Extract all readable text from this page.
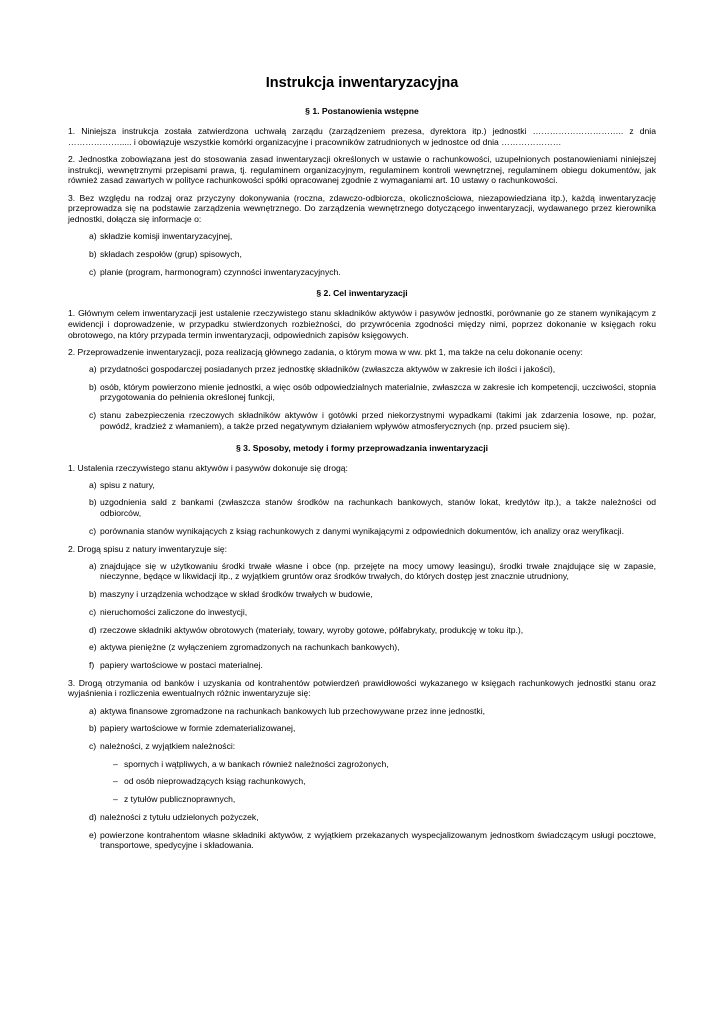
Instrukcja inwentaryzacyjna
§ 1. Postanowienia wstępne

1. Niniejsza instrukcja została zatwierdzona uchwałą zarządu (zarządzeniem prezesa, dyrektora itp.) jednostki ………………………….. z dnia ………………..... i obowiązuje wszystkie komórki organizacyjne i pracowników zatrudnionych w jednostce od dnia …………………

2. Jednostka zobowiązana jest do stosowania zasad inwentaryzacji określonych w ustawie o rachunkowości, uzupełnionych postanowieniami niniejszej instrukcji, wewnętrznymi przepisami prawa, tj. regulaminem organizacyjnym, regulaminem kontroli wewnętrznej, regulaminem obiegu dokumentów, jak również zasad zawartych w polityce rachunkowości spółki opracowanej zgodnie z wymaganiami art. 10 ustawy o rachunkowości.

3. Bez względu na rodzaj oraz przyczyny dokonywania (roczna, zdawczo-odbiorcza, okolicznościowa, niezapowiedziana itp.), każdą inwentaryzację przeprowadza się na podstawie zarządzenia wewnętrznego. Do zarządzenia wewnętrznego dotyczącego inwentaryzacji, wydawanego przez kierownika jednostki, dołącza się informacje o:

a) składzie komisji inwentaryzacyjnej,
b) składach zespołów (grup) spisowych,
c) planie (program, harmonogram) czynności inwentaryzacyjnych.
§ 2. Cel inwentaryzacji

1. Głównym celem inwentaryzacji jest ustalenie rzeczywistego stanu składników aktywów i pasywów jednostki, porównanie go ze stanem wynikającym z ewidencji i doprowadzenie, w przypadku stwierdzonych rozbieżności, do przywrócenia zgodności między nimi, poprzez dokonanie w księgach roku obrotowego, na który przypada termin inwentaryzacji, odpowiednich zapisów księgowych.

2. Przeprowadzenie inwentaryzacji, poza realizacją głównego zadania, o którym mowa w ww. pkt 1, ma także na celu dokonanie oceny:

a) przydatności gospodarczej posiadanych przez jednostkę składników (zwłaszcza aktywów w zakresie ich ilości i jakości),
b) osób, którym powierzono mienie jednostki, a więc osób odpowiedzialnych materialnie, zwłaszcza w zakresie ich kompetencji, uczciwości, stopnia przygotowania do pełnienia określonej funkcji,
c) stanu zabezpieczenia rzeczowych składników aktywów i gotówki przed niekorzystnymi wypadkami (takimi jak zdarzenia losowe, np. pożar, powódź, kradzież z włamaniem), a także przed negatywnym działaniem wpływów atmosferycznych (np. przed psuciem się).
§ 3. Sposoby, metody i formy przeprowadzania inwentaryzacji

1. Ustalenia rzeczywistego stanu aktywów i pasywów dokonuje się drogą:

a) spisu z natury,
b) uzgodnienia sald z bankami (zwłaszcza stanów środków na rachunkach bankowych, stanów lokat, kredytów itp.), a także należności od odbiorców,
c) porównania stanów wynikających z ksiąg rachunkowych z danymi wynikającymi z odpowiednich dokumentów, ich analizy oraz weryfikacji.

2. Drogą spisu z natury inwentaryzuje się:

a) znajdujące się w użytkowaniu środki trwałe własne i obce (np. przejęte na mocy umowy leasingu), środki trwałe znajdujące się w zapasie, nieczynne, będące w likwidacji itp., z wyjątkiem gruntów oraz środków trwałych, do których dostęp jest znacznie utrudniony,
b) maszyny i urządzenia wchodzące w skład środków trwałych w budowie,
c) nieruchomości zaliczone do inwestycji,
d) rzeczowe składniki aktywów obrotowych (materiały, towary, wyroby gotowe, półfabrykaty, produkcję w toku itp.),
e) aktywa pieniężne (z wyłączeniem zgromadzonych na rachunkach bankowych),
f) papiery wartościowe w postaci materialnej.

3. Drogą otrzymania od banków i uzyskania od kontrahentów potwierdzeń prawidłowości wykazanego w księgach rachunkowych jednostki stanu oraz wyjaśnienia i rozliczenia ewentualnych różnic inwentaryzuje się:

a) aktywa finansowe zgromadzone na rachunkach bankowych lub przechowywane przez inne jednostki,
b) papiery wartościowe w formie zdematerializowanej,
c) należności, z wyjątkiem należności:
– spornych i wątpliwych, a w bankach również należności zagrożonych,
– od osób nieprowadzących ksiąg rachunkowych,
– z tytułów publicznoprawnych,
d) należności z tytułu udzielonych pożyczek,
e) powierzone kontrahentom własne składniki aktywów, z wyjątkiem przekazanych wyspecjalizowanym jednostkom świadczącym usługi pocztowe, transportowe, spedycyjne i składowania.
